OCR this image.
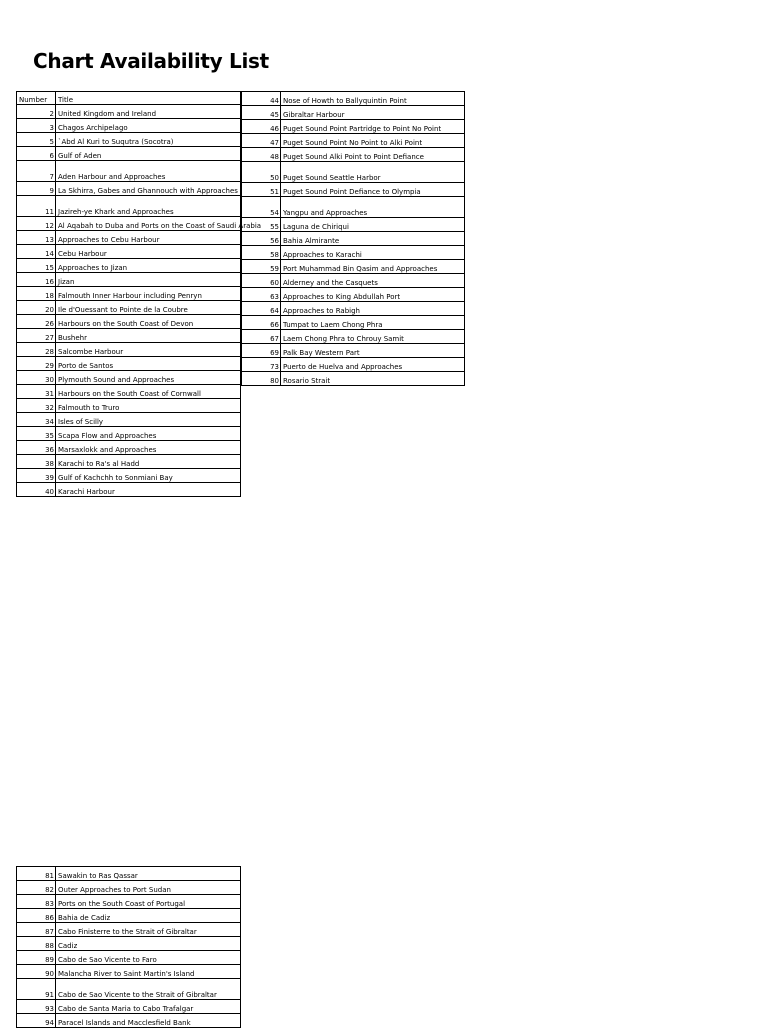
Chart Availability List
Number	Title
2	United Kingdom and Ireland
3	Chagos Archipelago
5	`Abd Al Kuri to Suqutra (Socotra)
6	Gulf of Aden
7	Aden Harbour and Approaches
9	La Skhirra, Gabes and Ghannouch with Approaches
11	Jazireh-ye Khark and Approaches
12	Al Aqabah to Duba and Ports on the Coast of Saudi Arabia
13	Approaches to Cebu Harbour
14	Cebu Harbour
15	Approaches to Jizan
16	Jizan
18	Falmouth Inner Harbour including Penryn
20	Ile d'Ouessant to Pointe de la Coubre
26	Harbours on the South Coast of Devon
27	Bushehr
28	Salcombe Harbour
29	Porto de Santos
30	Plymouth Sound and Approaches
31	Harbours on the South Coast of Cornwall
32	Falmouth to Truro
34	Isles of Scilly
35	Scapa Flow and Approaches
36	Marsaxlokk and Approaches
38	Karachi to Ra's al Hadd
39	Gulf of Kachchh to Sonmiani Bay
40	Karachi Harbour
44	Nose of Howth to Ballyquintin Point
45	Gibraltar Harbour
46	Puget Sound Point Partridge to Point No Point
47	Puget Sound Point No Point to Alki Point
48	Puget Sound Alki Point to Point Defiance
50	Puget Sound Seattle Harbor
51	Puget Sound Point Defiance to Olympia
54	Yangpu and Approaches
55	Laguna de Chiriqui
56	Bahia Almirante
58	Approaches to Karachi
59	Port Muhammad Bin Qasim and Approaches
60	Alderney and the Casquets
63	Approaches to King Abdullah Port
64	Approaches to Rabigh
66	Tumpat to Laem Chong Phra
67	Laem Chong Phra to Chrouy Samit
69	Palk Bay Western Part
73	Puerto de Huelva and Approaches
80	Rosario Strait
81	Sawakin to Ras Qassar
82	Outer Approaches to Port Sudan
83	Ports on the South Coast of Portugal
86	Bahia de Cadiz
87	Cabo Finisterre to the Strait of Gibraltar
88	Cadiz
89	Cabo de Sao Vicente to Faro
90	Malancha River to Saint Martin's Island
91	Cabo de Sao Vicente to the Strait of Gibraltar
93	Cabo de Santa Maria to Cabo Trafalgar
94	Paracel Islands and Macclesfield Bank
